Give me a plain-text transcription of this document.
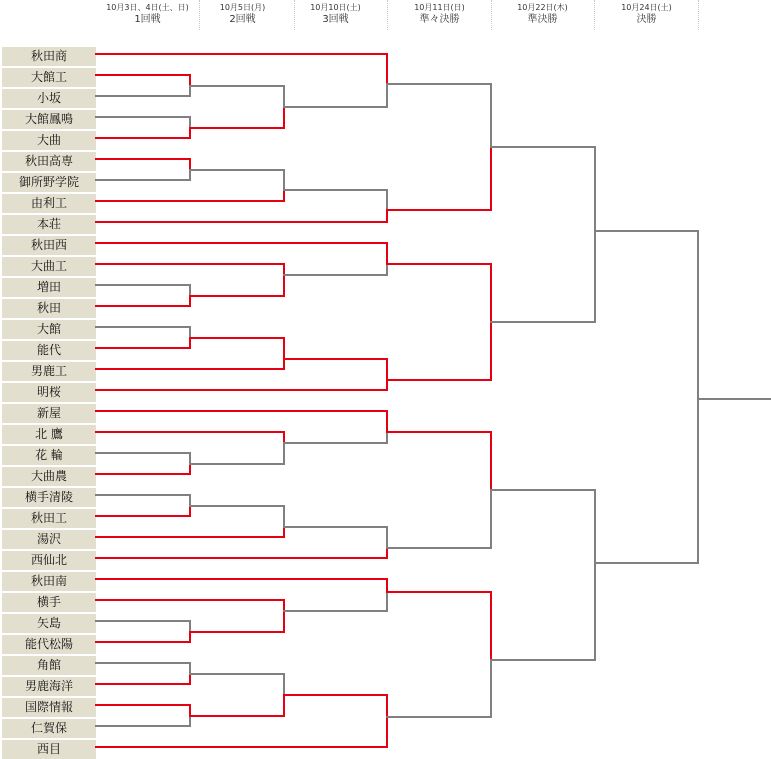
10月3日、4日(土、日)
1回戦
10月5日(月)
2回戦
10月10日(土)
3回戦
10月11日(日)
準々決勝
10月22日(木)
準決勝
10月24日(土)
決勝
秋田商
大館工
小坂
大館鳳鳴
大曲
秋田高専
御所野学院
由利工
本荘
秋田西
大曲工
増田
秋田
大館
能代
男鹿工
明桜
新屋
北 鷹
花 輪
大曲農
横手清陵
秋田工
湯沢
西仙北
秋田南
横手
矢島
能代松陽
角館
男鹿海洋
国際情報
仁賀保
西目
